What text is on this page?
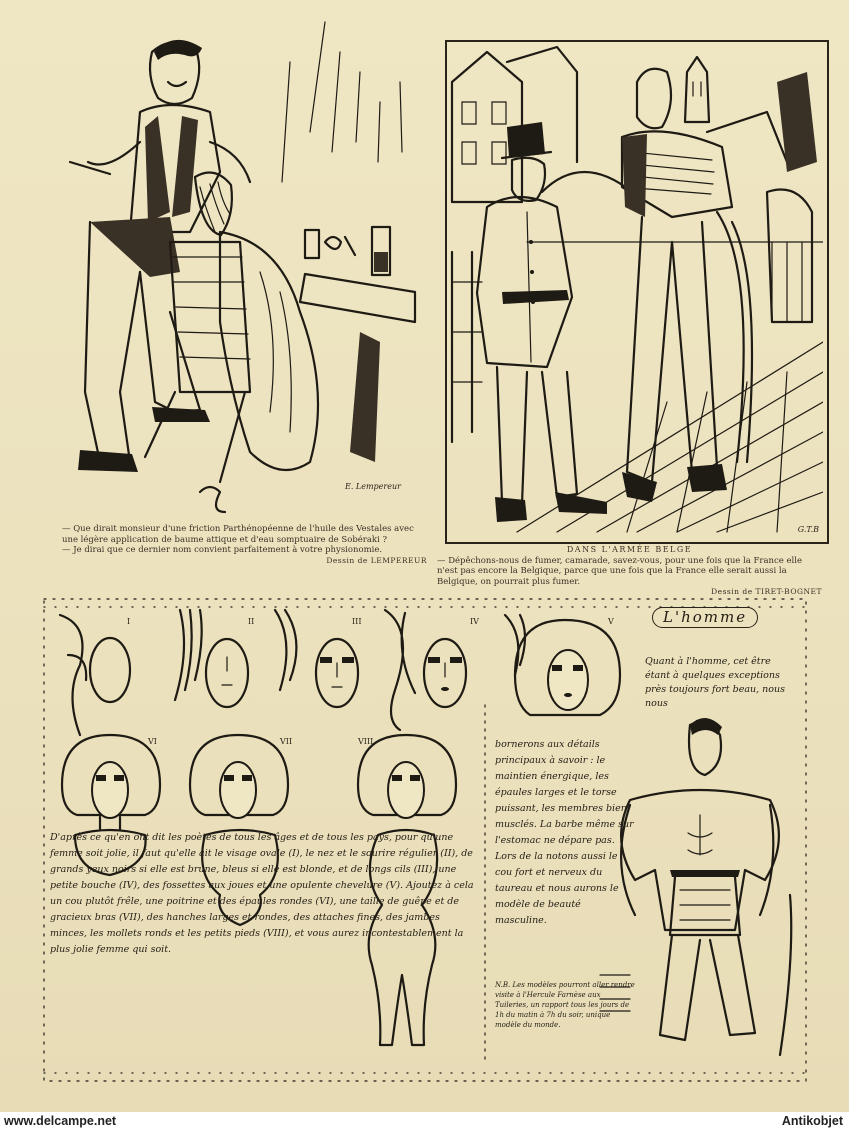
E. Lempereur
— Que dirait monsieur d'une friction Parthénopéenne de l'huile des Vestales avec une légère application de baume attique et d'eau somptuaire de Sobéraki ?
— Je dirai que ce dernier nom convient parfaitement à votre physionomie.
Dessin de LEMPEREUR
G.T.B
DANS L'ARMÉE BELGE
— Dépêchons-nous de fumer, camarade, savez-vous, pour une fois que la France elle n'est pas encore la Belgique, parce que une fois que la France elle serait aussi la Belgique, on pourrait plus fumer.
Dessin de TIRET-BOGNET
I	II	III	IV	V
VI	VII	VIII
L'homme
Quant à l'homme, cet être étant à quelques exceptions près toujours fort beau, nous nous
D'après ce qu'en ont dit les poètes de tous les âges et de tous les pays, pour qu'une femme soit jolie, il faut qu'elle ait le visage ovale (I), le nez et le sourire régulier (II), de grands yeux noirs si elle est brune, bleus si elle est blonde, et de longs cils (III), une petite bouche (IV), des fossettes aux joues et une opulente chevelure (V). Ajoutez à cela un cou plutôt frêle, une poitrine et des épaules rondes (VI), une taille de guêpe et de gracieux bras (VII), des hanches larges et rondes, des attaches fines, des jambes minces, les mollets ronds et les petits pieds (VIII), et vous aurez incontestablement la plus jolie femme qui soit.
bornerons aux détails principaux à savoir : le maintien énergique, les épaules larges et le torse puissant, les membres bien musclés. La barbe même sur l'estomac ne dépare pas. Lors de la notons aussi le cou fort et nerveux du taureau et nous aurons le modèle de beauté masculine.
N.B. Les modèles pourront aller rendre visite à l'Hercule Farnèse aux Tuileries, un rapport tous les jours de 1h du matin à 7h du soir, unique modèle du monde.
www.delcampe.net	Antikobjet
